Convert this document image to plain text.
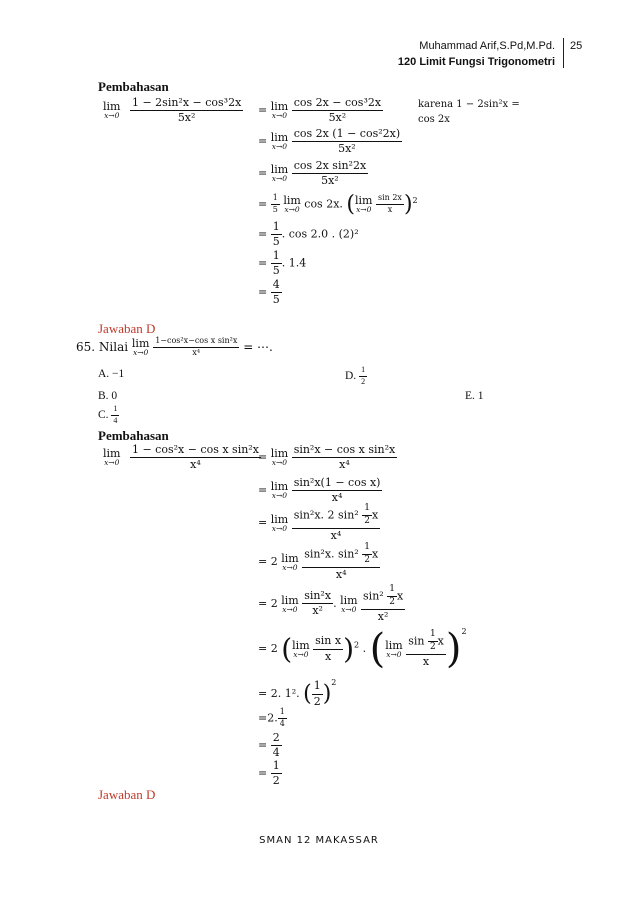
Muhammad Arif,S.Pd,M.Pd.
120 Limit Fungsi Trigonometri
25
Pembahasan
lim
x→0
$\frac{\text{1 − 2sin²x − cos³2x}}{\text{5x²}} = \lim$
x→0
$\frac{\text{cos 2x − cos³2x}}{\text{5x²}}$	karena 1 − 2sin²x = cos 2x
= lim
x→0
$\frac{\text{cos 2x (1 − cos²2x)}}{\text{5x²}}$
= lim
x→0
$\frac{\text{cos 2x sin²2x}}{\text{5x²}}$
= $\frac{1}{5}$
lim
x→0 cos 2x. ( lim
x→0
$\frac{\sin 2x}{x} )^2$
= $\frac{1}{5}$ . cos 2.0 . (2)²
= $\frac{1}{5}$ . 1.4
= $\frac{4}{5}$
Jawaban D
65. Nilai lim
x→0
$\frac{\text{1−cos²x−cos x sin²x}}{\text{x⁴}}$ = ⋯.
A. −1	D. $\frac{1}{2}$
B. 0	E. 1
C. $\frac{1}{4}$
Pembahasan
lim
x→0
$\frac{\text{1 − cos²x − cos x sin²x}}{\text{x⁴}}$
= lim
x→0
$\frac{\text{sin²x − cos x sin²x}}{\text{x⁴}}$
= lim
x→0
$\frac{\text{sin²x(1 − cos x)}}{\text{x⁴}}$
= lim
x→0
$\frac{\sin^2x. 2 \sin^2 \frac{1}{2} x}{\text{x⁴}}$
= 2 lim
x→0
$\frac{\sin^2x. \sin^2 \frac{1}{2} x}{\text{x⁴}}$
= 2 lim
x→0
$\frac{\text{sin²x}}{\text{x²}}$ . lim
x→0
$\frac{\sin^2 \frac{1}{2} x}{\text{x²}}$
= 2 ( lim
x→0
$\frac{\text{sin x}}{x} )^2$ . ( lim
x→0
$\frac{\sin \frac{1}{2} x}{x} )^2$
= 2. 1². ( $\frac{1}{2} )^2$
=2. $\frac{1}{4}$
= $\frac{2}{4}$
= $\frac{1}{2}$
Jawaban D
SMAN 12 MAKASSAR
